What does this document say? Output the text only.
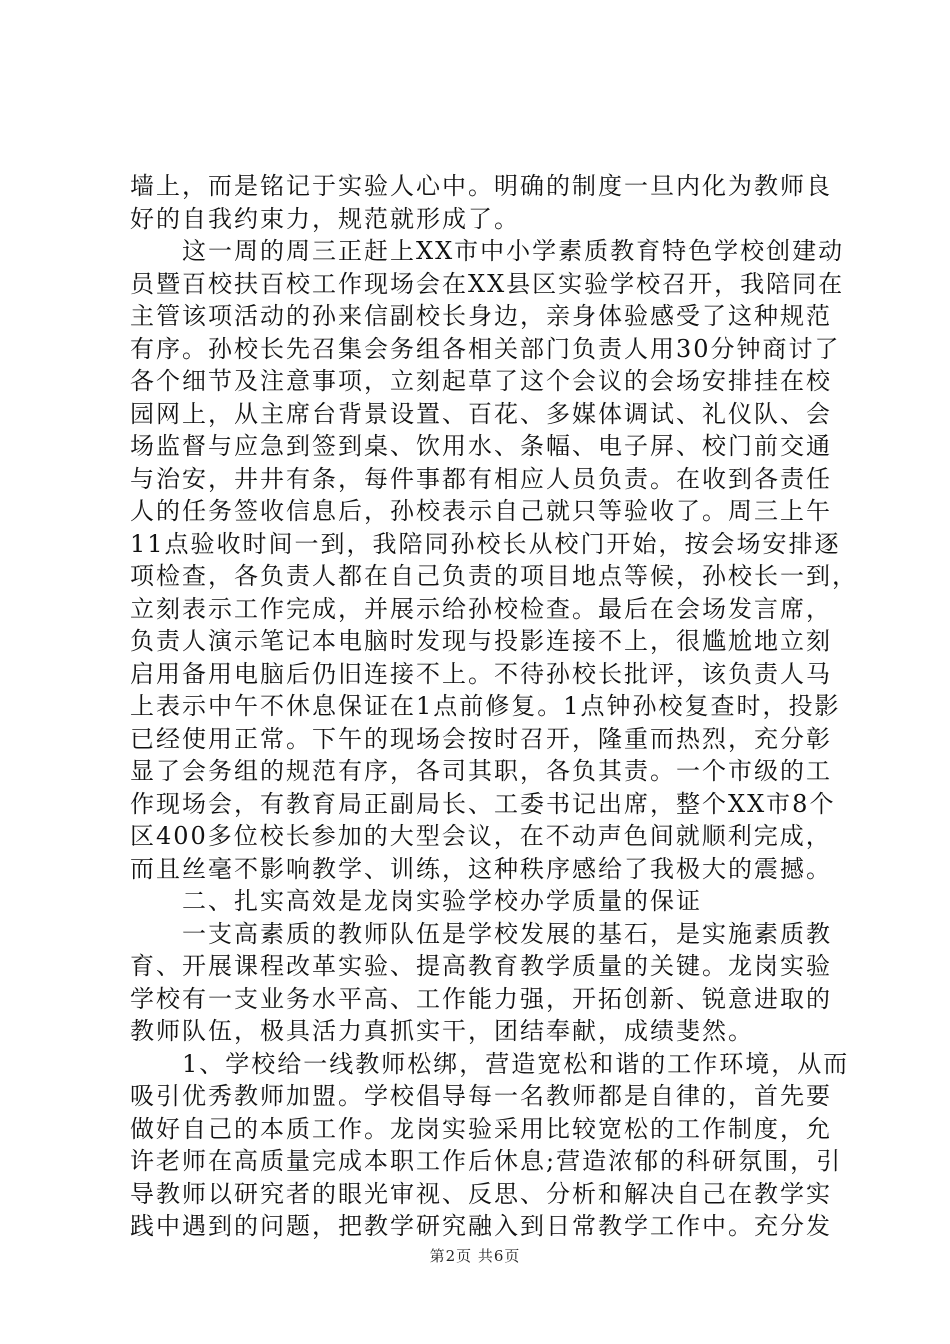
墙上，而是铭记于实验人心中。明确的制度一旦内化为教师良

好的自我约束力，规范就形成了。

　　这一周的周三正赶上XX市中小学素质教育特色学校创建动

员暨百校扶百校工作现场会在XX县区实验学校召开，我陪同在

主管该项活动的孙来信副校长身边，亲身体验感受了这种规范

有序。孙校长先召集会务组各相关部门负责人用30分钟商讨了

各个细节及注意事项，立刻起草了这个会议的会场安排挂在校

园网上，从主席台背景设置、百花、多媒体调试、礼仪队、会

场监督与应急到签到桌、饮用水、条幅、电子屏、校门前交通

与治安，井井有条，每件事都有相应人员负责。在收到各责任

人的任务签收信息后，孙校表示自己就只等验收了。周三上午

11点验收时间一到，我陪同孙校长从校门开始，按会场安排逐

项检查，各负责人都在自己负责的项目地点等候，孙校长一到，

立刻表示工作完成，并展示给孙校检查。最后在会场发言席，

负责人演示笔记本电脑时发现与投影连接不上，很尴尬地立刻

启用备用电脑后仍旧连接不上。不待孙校长批评，该负责人马

上表示中午不休息保证在1点前修复。1点钟孙校复查时，投影

已经使用正常。下午的现场会按时召开，隆重而热烈，充分彰

显了会务组的规范有序，各司其职，各负其责。一个市级的工

作现场会，有教育局正副局长、工委书记出席，整个XX市8个

区400多位校长参加的大型会议，在不动声色间就顺利完成，

而且丝毫不影响教学、训练，这种秩序感给了我极大的震撼。

　　二、扎实高效是龙岗实验学校办学质量的保证

　　一支高素质的教师队伍是学校发展的基石，是实施素质教

育、开展课程改革实验、提高教育教学质量的关键。龙岗实验

学校有一支业务水平高、工作能力强，开拓创新、锐意进取的

教师队伍，极具活力真抓实干，团结奉献，成绩斐然。

　　1、学校给一线教师松绑，营造宽松和谐的工作环境，从而

吸引优秀教师加盟。学校倡导每一名教师都是自律的，首先要

做好自己的本质工作。龙岗实验采用比较宽松的工作制度，允

许老师在高质量完成本职工作后休息;营造浓郁的科研氛围，引

导教师以研究者的眼光审视、反思、分析和解决自己在教学实

践中遇到的问题，把教学研究融入到日常教学工作中。充分发

第2页 共6页
